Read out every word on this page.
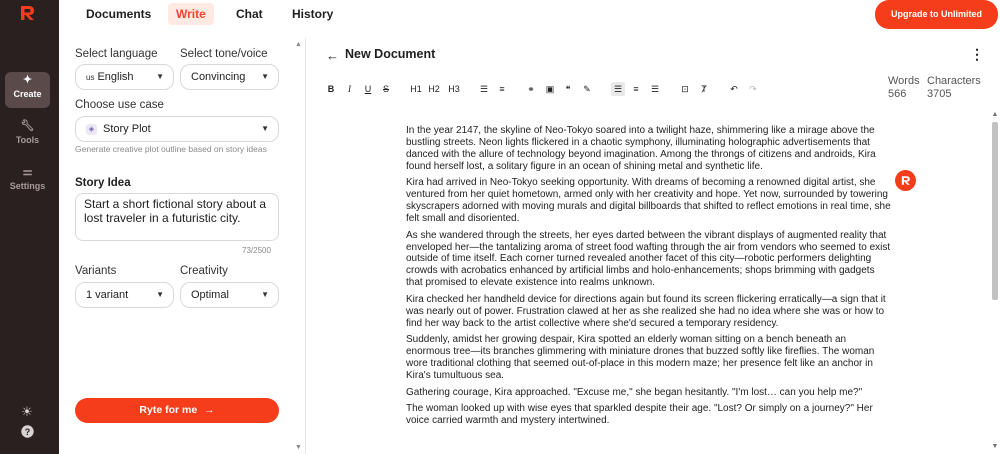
✦
Create
🔧︎
Tools
⚌
Settings
☀
?
Documents	Write	Chat	History	Upgrade to Unlimited
Select language Select tone/voice
us English	▼	Convincing ▼
Choose use case
◈ Story Plot	▼
Generate creative plot outline based on story ideas
Story Idea
Start a short fictional story about a lost traveler in a futuristic city.
73/2500
Variants	Creativity
1 variant	▼	Optimal	▼
Ryte for me →
▲
▼
← New Document	⋮
B	I	U S H1 H2 H3 ☰	≡	⚭ ▣	❝	✎	☰	≡	☰ ⊡	Ⱦ	↶ ↷
Words
566
Characters
3705

In the year 2147, the skyline of Neo-Tokyo soared into a twilight haze, shimmering like a mirage above the bustling streets. Neon lights flickered in a chaotic symphony, illuminating holographic advertisements that danced with the allure of technology beyond imagination. Among the throngs of citizens and androids, Kira found herself lost, a solitary figure in an ocean of shining metal and synthetic life.

Kira had arrived in Neo-Tokyo seeking opportunity. With dreams of becoming a renowned digital artist, she ventured from her quiet hometown, armed only with her creativity and hope. Yet now, surrounded by towering skyscrapers adorned with moving murals and digital billboards that shifted to reflect emotions in real time, she felt small and disoriented.

As she wandered through the streets, her eyes darted between the vibrant displays of augmented reality that enveloped her—the tantalizing aroma of street food wafting through the air from vendors who seemed to exist outside of time itself. Each corner turned revealed another facet of this city—robotic performers delighting crowds with acrobatics enhanced by artificial limbs and holo-enhancements; shops brimming with gadgets that promised to elevate existence into realms unknown.

Kira checked her handheld device for directions again but found its screen flickering erratically—a sign that it was nearly out of power. Frustration clawed at her as she realized she had no idea where she was or how to find her way back to the artist collective where she'd secured a temporary residency.

Suddenly, amidst her growing despair, Kira spotted an elderly woman sitting on a bench beneath an enormous tree—its branches glimmering with miniature drones that buzzed softly like fireflies. The woman wore traditional clothing that seemed out-of-place in this modern maze; her presence felt like an anchor in Kira's tumultuous sea.

Gathering courage, Kira approached. "Excuse me," she began hesitantly. "I'm lost… can you help me?"

The woman looked up with wise eyes that sparkled despite their age. "Lost? Or simply on a journey?" Her voice carried warmth and mystery intertwined.

▲
▼
